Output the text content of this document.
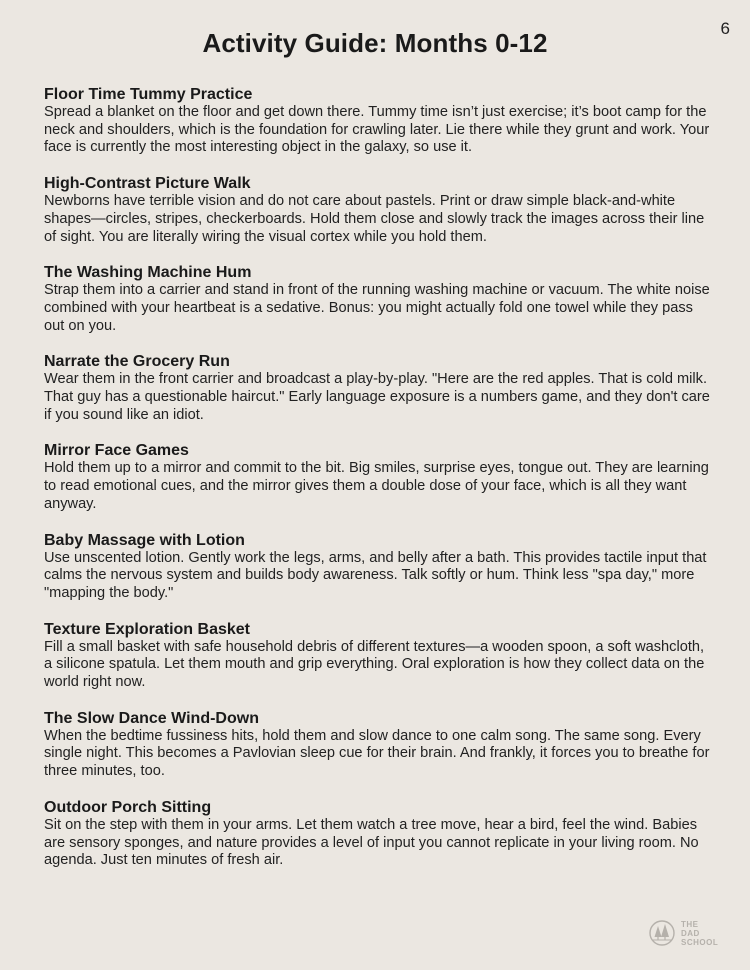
6
Activity Guide: Months 0-12
Floor Time Tummy Practice

Spread a blanket on the floor and get down there. Tummy time isn’t just exercise; it’s boot camp for the neck and shoulders, which is the foundation for crawling later. Lie there while they grunt and work. Your face is currently the most interesting object in the galaxy, so use it.

High-Contrast Picture Walk

Newborns have terrible vision and do not care about pastels. Print or draw simple black-and-white shapes—circles, stripes, checkerboards. Hold them close and slowly track the images across their line of sight. You are literally wiring the visual cortex while you hold them.

The Washing Machine Hum

Strap them into a carrier and stand in front of the running washing machine or vacuum. The white noise combined with your heartbeat is a sedative. Bonus: you might actually fold one towel while they pass out on you.

Narrate the Grocery Run

Wear them in the front carrier and broadcast a play-by-play. "Here are the red apples. That is cold milk. That guy has a questionable haircut." Early language exposure is a numbers game, and they don't care if you sound like an idiot.

Mirror Face Games

Hold them up to a mirror and commit to the bit. Big smiles, surprise eyes, tongue out. They are learning to read emotional cues, and the mirror gives them a double dose of your face, which is all they want anyway.

Baby Massage with Lotion

Use unscented lotion. Gently work the legs, arms, and belly after a bath. This provides tactile input that calms the nervous system and builds body awareness. Talk softly or hum. Think less "spa day," more "mapping the body."

Texture Exploration Basket

Fill a small basket with safe household debris of different textures—a wooden spoon, a soft washcloth, a silicone spatula. Let them mouth and grip everything. Oral exploration is how they collect data on the world right now.

The Slow Dance Wind-Down

When the bedtime fussiness hits, hold them and slow dance to one calm song. The same song. Every single night. This becomes a Pavlovian sleep cue for their brain. And frankly, it forces you to breathe for three minutes, too.

Outdoor Porch Sitting

Sit on the step with them in your arms. Let them watch a tree move, hear a bird, feel the wind. Babies are sensory sponges, and nature provides a level of input you cannot replicate in your living room. No agenda. Just ten minutes of fresh air.

THE
DAD
SCHOOL
